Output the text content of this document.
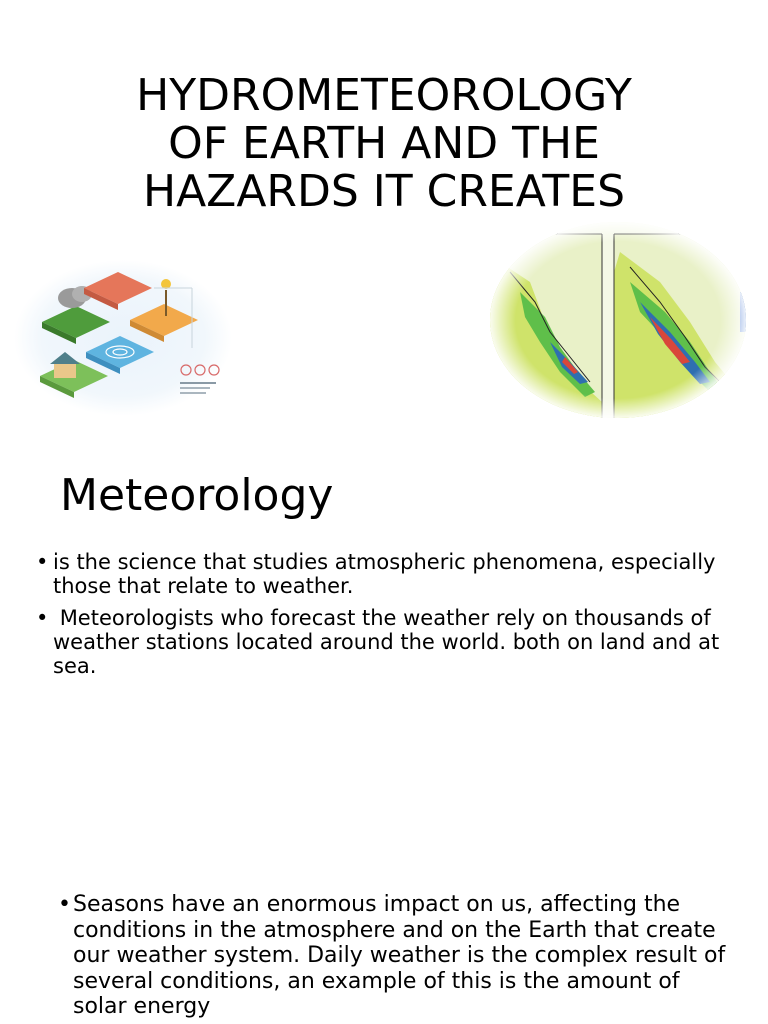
HYDROMETEOROLOGY
OF EARTH AND THE
HAZARDS IT CREATES
Meteorology
• is the science that studies atmospheric phenomena, especially those that relate to weather.
• Meteorologists who forecast the weather rely on thousands of weather stations located around the world. both on land and at sea.
• Seasons have an enormous impact on us, affecting the conditions in the atmosphere and on the Earth that create our weather system. Daily weather is the complex result of several conditions, an example of this is the amount of solar energy
